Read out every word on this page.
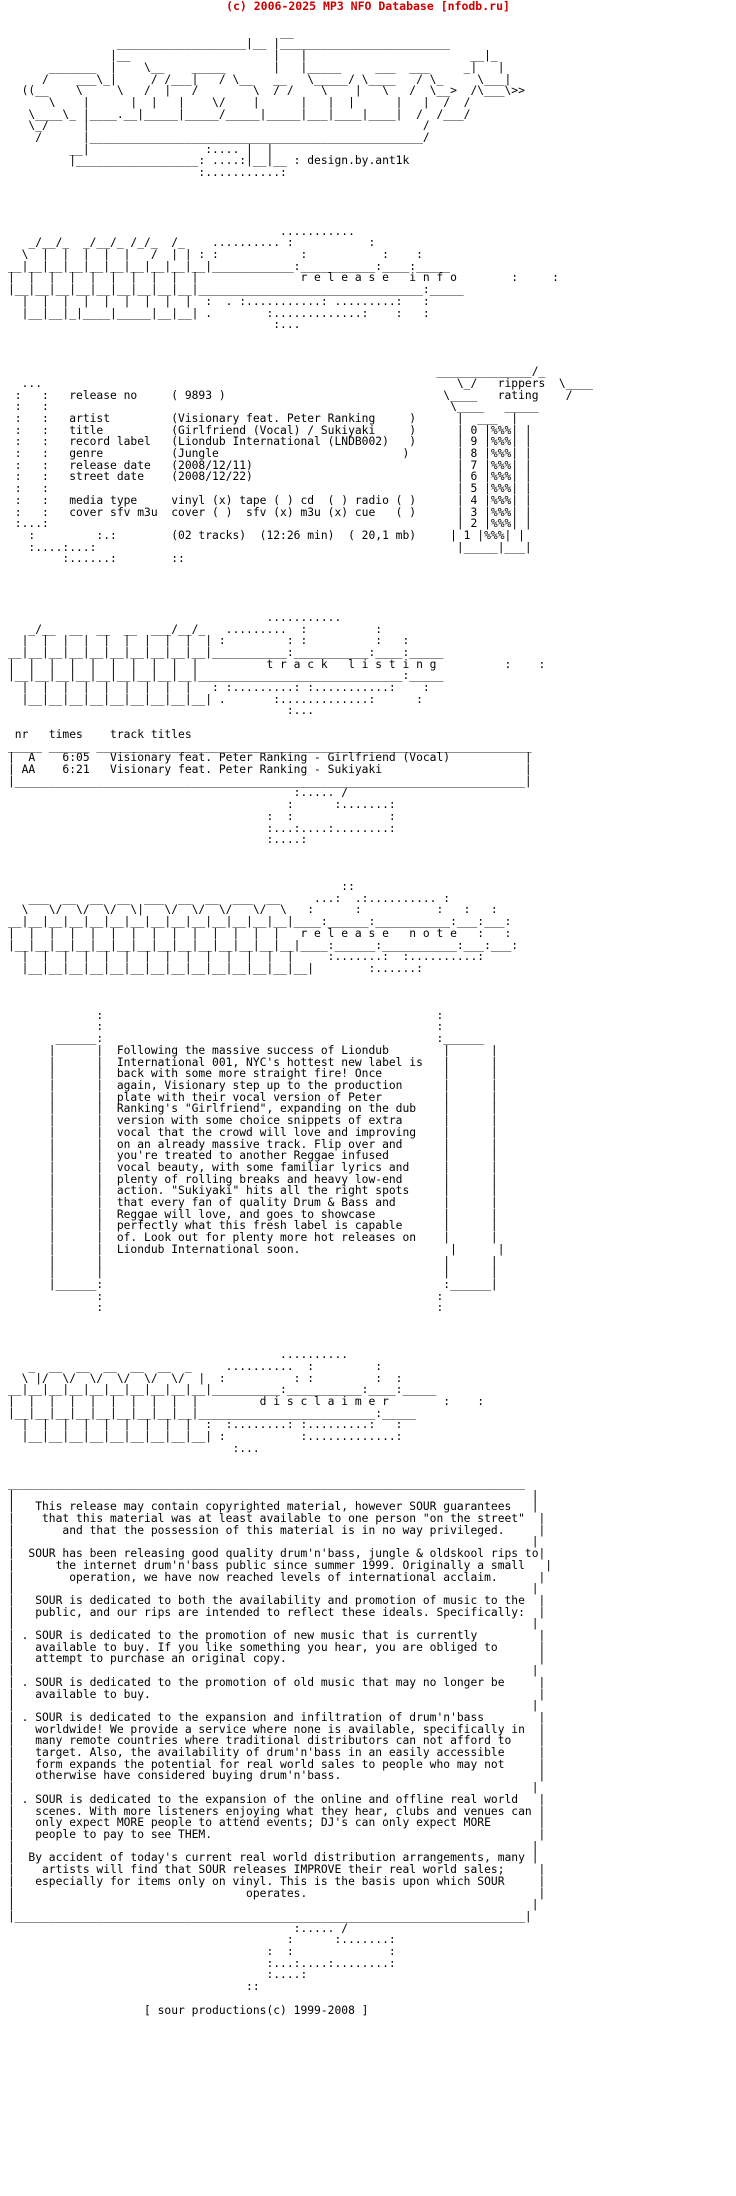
(c) 2006-2025 MP3 NFO Database [nfodb.ru]

__
___________________|__ |_________________________
|__                     |   |                        __|_
_______  |    \__    _____       |   |_____     ___  ___     _|   |
/    ___\_|     / /___|   / \__   __   \_____/ \____   / \_     \___|
((__    \     \   /  |   /        \  / /    \    |   \   /  \__>  /\___\>>
\    |      |  |   |    \/    |      |   |  |      |   |  /  /
\____\_ |____.__|_____|_____/_____|_____|___|____|____|  /  /___/
\_/     |                                                 /
/      |_________________________________________________/
__|                 :.... |  |
|__________________: ....:|__|__ : design.by.ant1k
:...........:

...........
_/__/_  _/__/_ /_/_  /_    .......... :           :
\  |  |  |  |  |   /  | | : :            :           :    :
__|__|__|__|__|__|__|__|__|__|____________:___________:____:_____
|  |  |  |  |  |  |  |  |  |               r e l e a s e   i n f o        :     :
|__|__|__|__|__|__|__|__|__|_________________________________:_____
|  |  |  |  |  |  |  |  |  :  . :...........: .........:   :
|__|__|_|____|_____|__|__| .        :.............:    :   :
:...

______________/_
...                                                             \_/   rippers  \____
:   :   release no     ( 9893 )                                \____   rating    /
:   :                                                           \____   _____
:   :   artist         (Visionary feat. Peter Ranking     )      |  ___  |
:   :   title          (Girlfriend (Vocal) / Sukiyaki     )      | 0 |%%%| |
:   :   record label   (Liondub International (LNDB002)   )      | 9 |%%%| |
:   :   genre          (Jungle                           )       | 8 |%%%| |
:   :   release date   (2008/12/11)                              | 7 |%%%| |
:   :   street date    (2008/12/22)                              | 6 |%%%| |
:   :                                                            | 5 |%%%| |
:   :   media type     vinyl (x) tape ( ) cd  ( ) radio ( )      | 4 |%%%| |
:   :   cover sfv m3u  cover ( )  sfv (x) m3u (x) cue   ( )      | 3 |%%%| |
:...:                                                            | 2 |%%%| |
:         :.:        (02 tracks)  (12:26 min)  ( 20,1 mb)     | 1 |%%%| |
:....:...:                                                     |_____|___|
:......:        ::

...........
_/__  __  __  __  ___/__/_   .........  :          :
|  |  |  |  |  |  |  |  |  | :         : :          :   :
__|__|__|__|__|__|__|__|__|__|___________:___________:____:_____
|  |  |  |  |  |  |  |  |  |          t r a c k   l i s t i n g          :    :
|__|__|__|__|__|__|__|__|__|______________________________:_____
|  |  |  |  |  |  |  |  |   : :.........: :...........:    :
|__|__|__|__|__|__|__|__|__| .       :.............:      :
:...

nr   times    track titles
_____ ______ ________________________________________________________________
|  A    6:05   Visionary feat. Peter Ranking - Girlfriend (Vocal)           |
| AA    6:21   Visionary feat. Peter Ranking - Sukiyaki                     |
|___________________________________________________________________________|
:..... /
:      :.......:
:  :              :
:...:....:........:
:....:

::
___  __  __  __  ___  __  __  ___  __     ...:  .:.......... :
\   \/  \/  \/  \|   \/  \/  \/   \/  \   :      :           :   :   :
__|__|__|__|__|__|__|__|__|__|__|__|__|__|____:______:___________:___:___:
|  |  |  |  |  |  |  |  |  |  |  |  |  |   r e l e a s e   n o t e   :   :
|__|__|__|__|__|__|__|__|__|__|__|__|__|__|____:______:___________:___:___:
|  |  |  |  |  |  |  |  |  |  |  |  |  |     :.......:  :..........:
|__|__|__|__|__|__|__|__|__|__|__|__|__|__|        :......:

:                                                 :
:                                                 :
______:                                                 :______
|      |  Following the massive success of Liondub        |      |
|      |  International 001, NYC's hottest new label is   |      |
|      |  back with some more straight fire! Once         |      |
|      |  again, Visionary step up to the production      |      |
|      |  plate with their vocal version of Peter         |      |
|      |  Ranking's "Girlfriend", expanding on the dub    |      |
|      |  version with some choice snippets of extra      |      |
|      |  vocal that the crowd will love and improving    |      |
|      |  on an already massive track. Flip over and      |      |
|      |  you're treated to another Reggae infused        |      |
|      |  vocal beauty, with some familiar lyrics and     |      |
|      |  plenty of rolling breaks and heavy low-end      |      |
|      |  action. "Sukiyaki" hits all the right spots     |      |
|      |  that every fan of quality Drum & Bass and       |      |
|      |  Reggae will love, and goes to showcase          |      |
|      |  perfectly what this fresh label is capable      |      |
|      |  of. Look out for plenty more hot releases on    |      |
|      |  Liondub International soon.                      |      |
|      |                                                  |      |
|      |                                                  |      |
|______:                                                  :______|
:                                                 :
:                                                 :

..........
_  __  __  __  __  __  _     ..........  :         :
\ |/  \/  \/  \/  \/  \/  |  :          : :         :  :
__|__|__|__|__|__|__|__|__|__|__________:___________:____:_____
|  |  |  |  |  |  |  |  |  |         d i s c l a i m e r        :    :
|__|__|__|__|__|__|__|__|__|__________________________:_____
|  |  |  |  |  |  |  |  |  :  :........: :.........:   :
|__|__|__|__|__|__|__|__|__| :           :.............:
:...

____________________________________________________________________________
|                                                                            |
|   This release may contain copyrighted material, however SOUR guarantees   |
|    that this material was at least available to one person "on the street"  |
|       and that the possession of this material is in no way privileged.     |
|                                                                            |
|  SOUR has been releasing good quality drum'n'bass, jungle & oldskool rips to|
|      the internet drum'n'bass public since summer 1999. Originally a small   |
|        operation, we have now reached levels of international acclaim.      |
|                                                                            |
|   SOUR is dedicated to both the availability and promotion of music to the  |
|   public, and our rips are intended to reflect these ideals. Specifically:  |
|                                                                            |
| . SOUR is dedicated to the promotion of new music that is currently         |
|   available to buy. If you like something you hear, you are obliged to      |
|   attempt to purchase an original copy.                                     |
|                                                                            |
| . SOUR is dedicated to the promotion of old music that may no longer be     |
|   available to buy.                                                         |
|                                                                            |
| . SOUR is dedicated to the expansion and infiltration of drum'n'bass        |
|   worldwide! We provide a service where none is available, specifically in  |
|   many remote countries where traditional distributors can not afford to    |
|   target. Also, the availability of drum'n'bass in an easily accessible     |
|   form expands the potential for real world sales to people who may not     |
|   otherwise have considered buying drum'n'bass.                             |
|                                                                            |
| . SOUR is dedicated to the expansion of the online and offline real world   |
|   scenes. With more listeners enjoying what they hear, clubs and venues can |
|   only expect MORE people to attend events; DJ's can only expect MORE       |
|   people to pay to see THEM.                                                |
|                                                                            |
|  By accident of today's current real world distribution arrangements, many |
|    artists will find that SOUR releases IMPROVE their real world sales;     |
|   especially for items only on vinyl. This is the basis upon which SOUR     |
|                                  operates.                                  |
|                                                                            |
|___________________________________________________________________________|
:..... /
:      :.......:
:  :              :
:...:....:........:
:....:
::

[ sour productions(c) 1999-2008 ]
